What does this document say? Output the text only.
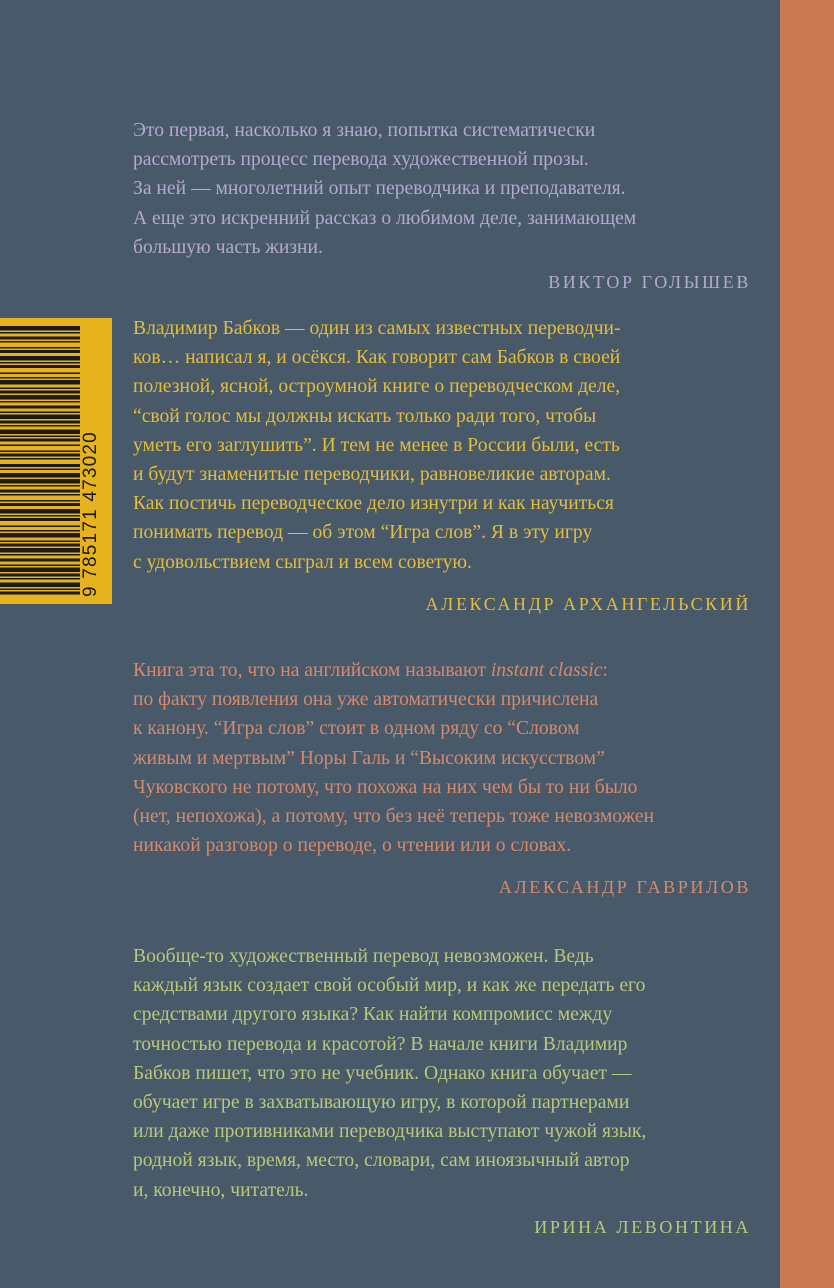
9 785171 473020

Это первая, насколько я знаю, попытка систематически
рассмотреть процесс перевода художественной прозы.
За ней — многолетний опыт переводчика и преподавателя.
А еще это искренний рассказ о любимом деле, занимающем
большую часть жизни.

ВИКТОР ГОЛЫШЕВ

Владимир Бабков — один из самых известных переводчи-
ков… написал я, и осёкся. Как говорит сам Бабков в своей
полезной, ясной, остроумной книге о переводческом деле,
“свой голос мы должны искать только ради того, чтобы
уметь его заглушить”. И тем не менее в России были, есть
и будут знаменитые переводчики, равновеликие авторам.
Как постичь переводческое дело изнутри и как научиться
понимать перевод — об этом “Игра слов”. Я в эту игру
с удовольствием сыграл и всем советую.

АЛЕКСАНДР АРХАНГЕЛЬСКИЙ

Книга эта то, что на английском называют instant classic:
по факту появления она уже автоматически причислена
к канону. “Игра слов” стоит в одном ряду со “Словом
живым и мертвым” Норы Галь и “Высоким искусством”
Чуковского не потому, что похожа на них чем бы то ни было
(нет, непохожа), а потому, что без неё теперь тоже невозможен
никакой разговор о переводе, о чтении или о словах.

АЛЕКСАНДР ГАВРИЛОВ

Вообще-то художественный перевод невозможен. Ведь
каждый язык создает свой особый мир, и как же передать его
средствами другого языка? Как найти компромисс между
точностью перевода и красотой? В начале книги Владимир
Бабков пишет, что это не учебник. Однако книга обучает —
обучает игре в захватывающую игру, в которой партнерами
или даже противниками переводчика выступают чужой язык,
родной язык, время, место, словари, сам иноязычный автор
и, конечно, читатель.

ИРИНА ЛЕВОНТИНА
